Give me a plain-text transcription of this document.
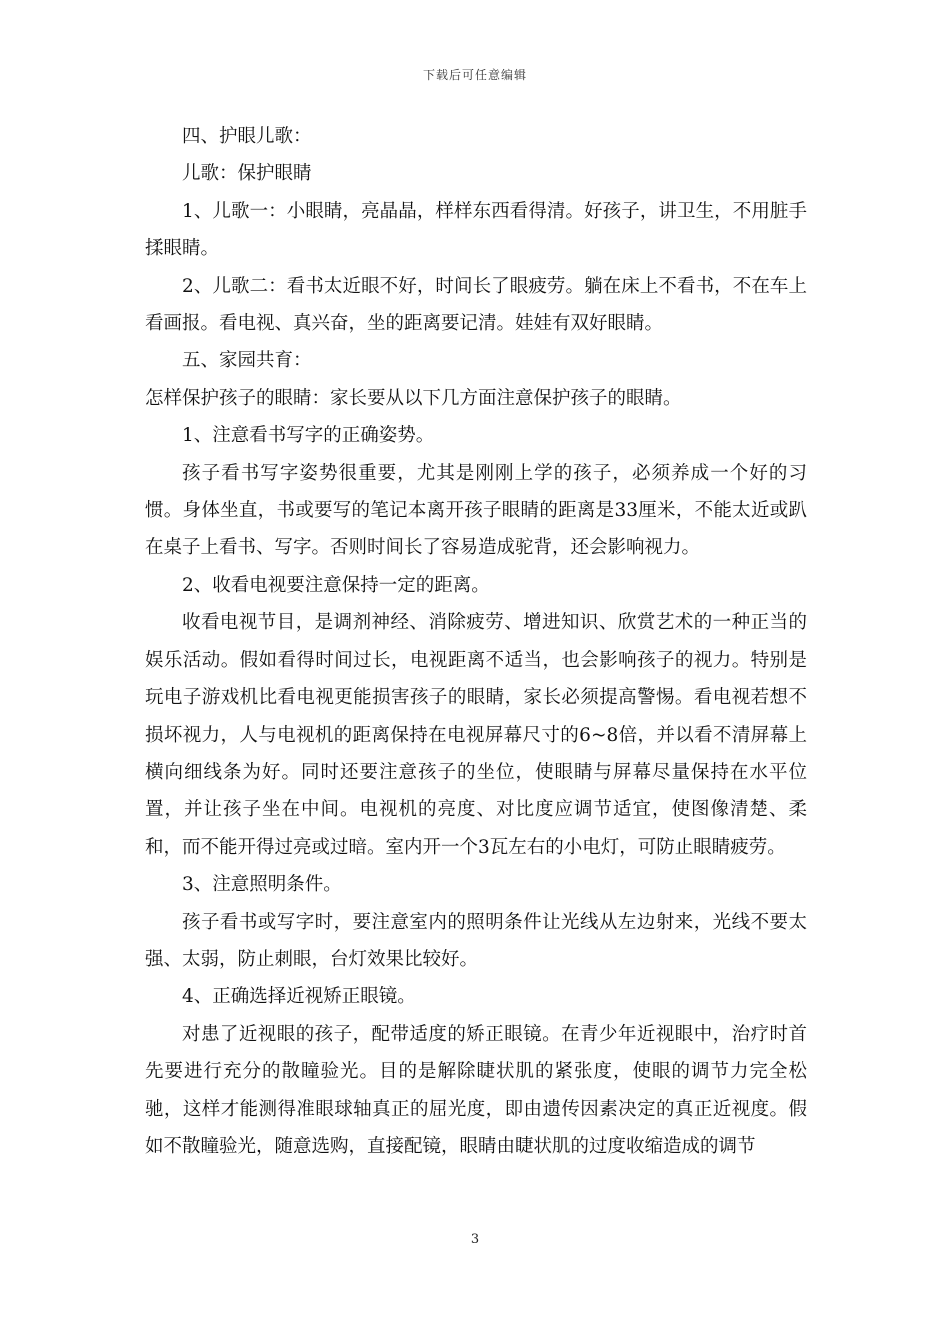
下载后可任意编辑

四、护眼儿歌：

儿歌：保护眼睛

1、儿歌一：小眼睛，亮晶晶，样样东西看得清。好孩子，讲卫生，不用脏手揉眼睛。

2、儿歌二：看书太近眼不好，时间长了眼疲劳。躺在床上不看书，不在车上看画报。看电视、真兴奋，坐的距离要记清。娃娃有双好眼睛。

五、家园共育：

怎样保护孩子的眼睛：家长要从以下几方面注意保护孩子的眼睛。

1、注意看书写字的正确姿势。

孩子看书写字姿势很重要，尤其是刚刚上学的孩子，必须养成一个好的习惯。身体坐直，书或要写的笔记本离开孩子眼睛的距离是33厘米，不能太近或趴在桌子上看书、写字。否则时间长了容易造成驼背，还会影响视力。

2、收看电视要注意保持一定的距离。

收看电视节目，是调剂神经、消除疲劳、增进知识、欣赏艺术的一种正当的娱乐活动。假如看得时间过长，电视距离不适当，也会影响孩子的视力。特别是玩电子游戏机比看电视更能损害孩子的眼睛，家长必须提高警惕。看电视若想不损坏视力，人与电视机的距离保持在电视屏幕尺寸的6~8倍，并以看不清屏幕上横向细线条为好。同时还要注意孩子的坐位，使眼睛与屏幕尽量保持在水平位置，并让孩子坐在中间。电视机的亮度、对比度应调节适宜，使图像清楚、柔和，而不能开得过亮或过暗。室内开一个3瓦左右的小电灯，可防止眼睛疲劳。

3、注意照明条件。

孩子看书或写字时，要注意室内的照明条件让光线从左边射来，光线不要太强、太弱，防止刺眼，台灯效果比较好。

4、正确选择近视矫正眼镜。

对患了近视眼的孩子，配带适度的矫正眼镜。在青少年近视眼中，治疗时首先要进行充分的散瞳验光。目的是解除睫状肌的紧张度，使眼的调节力完全松驰，这样才能测得准眼球轴真正的屈光度，即由遗传因素决定的真正近视度。假如不散瞳验光，随意选购，直接配镜，眼睛由睫状肌的过度收缩造成的调节

3
